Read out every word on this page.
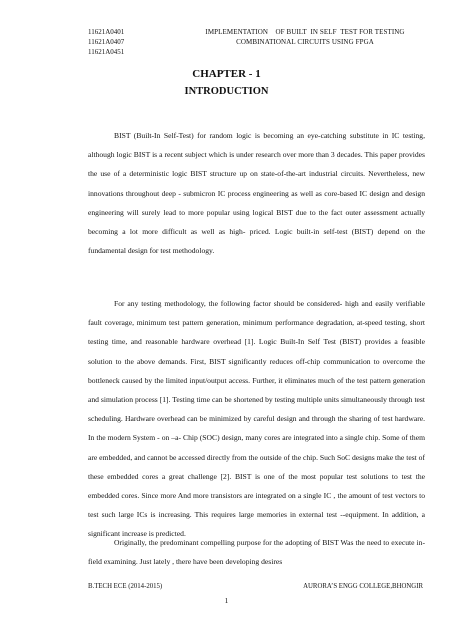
11621A0401
11621A0407
11621A0451
IMPLEMENTATION    OF BUILT  IN SELF  TEST FOR TESTING
COMBINATIONAL CIRCUITS USING FPGA
CHAPTER - 1
INTRODUCTION

BIST (Built-In Self-Test) for random logic is becoming an eye-catching substitute in IC testing, although logic BIST is a recent subject which is under research over more than 3 decades. This paper provides the use of a deterministic logic BIST structure up on state-of-the-art industrial circuits. Nevertheless, new innovations throughout deep - submicron IC process engineering as well as core-based IC design and design engineering will surely lead to more popular using logical BIST due to the fact outer assessment actually becoming a lot more difficult as well as high- priced. Logic built-in self-test (BIST) depend on the fundamental design for test methodology.

For any testing methodology, the following factor should be considered- high and easily verifiable fault coverage, minimum test pattern generation, minimum performance degradation, at-speed testing, short testing time, and reasonable hardware overhead [1]. Logic Built-In Self Test (BIST) provides a feasible solution to the above demands. First, BIST significantly reduces off-chip communication to overcome the bottleneck caused by the limited input/output access. Further, it eliminates much of the test pattern generation and simulation process [1]. Testing time can be shortened by testing multiple units simultaneously through test scheduling. Hardware overhead can be minimized by careful design and through the sharing of test hardware. In the modern System - on –a- Chip (SOC) design, many cores are integrated into a single chip. Some of them are embedded, and cannot be accessed directly from the outside of the chip. Such SoC designs make the test of these embedded cores a great challenge [2]. BIST is one of the most popular test solutions to test the embedded cores. Since more And more transistors are integrated on a single IC , the amount of test vectors to test such large ICs is increasing. This requires large memories in external test --equipment. In addition, a significant increase is predicted.

Originally, the predominant compelling purpose for the adopting of BIST Was the need to execute in-field examining. Just lately , there have been developing desires

B.TECH ECE (2014-2015)	AURORA’S ENGG COLLEGE,BHONGIR
1
